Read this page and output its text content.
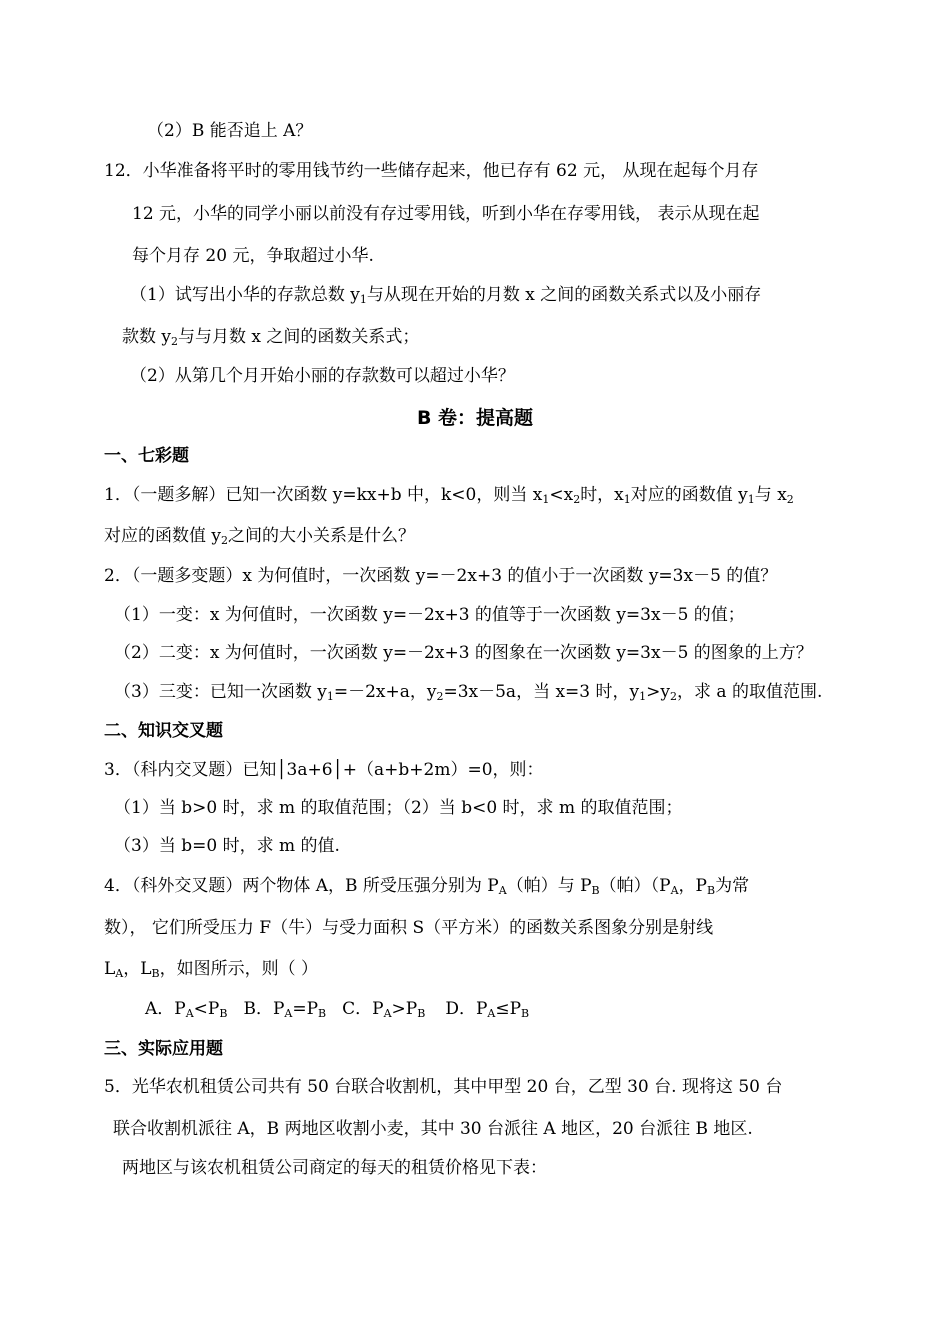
（2）B 能否追上 A？
12．小华准备将平时的零用钱节约一些储存起来，他已存有 62 元， 从现在起每个月存
12 元，小华的同学小丽以前没有存过零用钱，听到小华在存零用钱， 表示从现在起
每个月存 20 元，争取超过小华.
（1）试写出小华的存款总数 $y_1$与从现在开始的月数 x 之间的函数关系式以及小丽存
款数 $y_2$与与月数 x 之间的函数关系式；
（2）从第几个月开始小丽的存款数可以超过小华？
B 卷：提高题
一、七彩题
1．（一题多解）已知一次函数 y=kx+b 中，k<0，则当 $x_1<x_2$时，$x_1$对应的函数值 $y_1$与 $x_2$
对应的函数值 $y_2$之间的大小关系是什么？
2．（一题多变题）x 为何值时，一次函数 y=－2x+3 的值小于一次函数 y=3x－5 的值？
（1）一变：x 为何值时，一次函数 y=－2x+3 的值等于一次函数 y=3x－5 的值；
（2）二变：x 为何值时，一次函数 y=－2x+3 的图象在一次函数 y=3x－5 的图象的上方？
（3）三变：已知一次函数 $y_1=-2x+a$，$y_2=3x-5a$，当 x=3 时，$y_1>y_2$，求 a 的取值范围.
二、知识交叉题
3．（科内交叉题）已知│3a+6│+（a+b+2m）=0，则：
（1）当 b>0 时，求 m 的取值范围；（2）当 b<0 时，求 m 的取值范围；
（3）当 b=0 时，求 m 的值.
4．（科外交叉题）两个物体 A，B 所受压强分别为 $P_A$（帕）与 $P_B$（帕）（$P_A$，$P_B$为常
数）， 它们所受压力 F（牛）与受力面积 S（平方米）的函数关系图象分别是射线
$L_A$，$L_B$，如图所示，则（ ）
A．$P_A<P_B$ B．$P_A=P_B$ C．$P_A>P_B$ D．$P_A\le P_B$
三、实际应用题
5．光华农机租赁公司共有 50 台联合收割机，其中甲型 20 台，乙型 30 台. 现将这 50 台
联合收割机派往 A，B 两地区收割小麦，其中 30 台派往 A 地区，20 台派往 B 地区.
两地区与该农机租赁公司商定的每天的租赁价格见下表：
